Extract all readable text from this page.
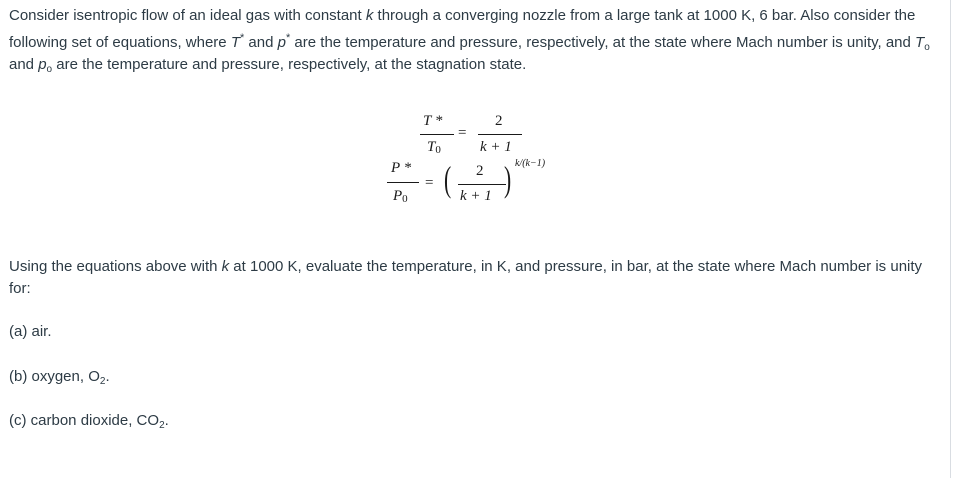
Consider isentropic flow of an ideal gas with constant k through a converging nozzle from a large tank at 1000 K, 6 bar. Also consider the following set of equations, where T* and p* are the temperature and pressure, respectively, at the state where Mach number is unity, and $T_o$ and $p_o$ are the temperature and pressure, respectively, at the stagnation state.
T *
$T_0$
=
2
k + 1
P *
$P_0$
= ( 2
k + 1 ) k/(k−1)
Using the equations above with k at 1000 K, evaluate the temperature, in K, and pressure, in bar, at the state where Mach number is unity for:
(a) air.
(b) oxygen, $O_2$.
(c) carbon dioxide, $CO_2$.
